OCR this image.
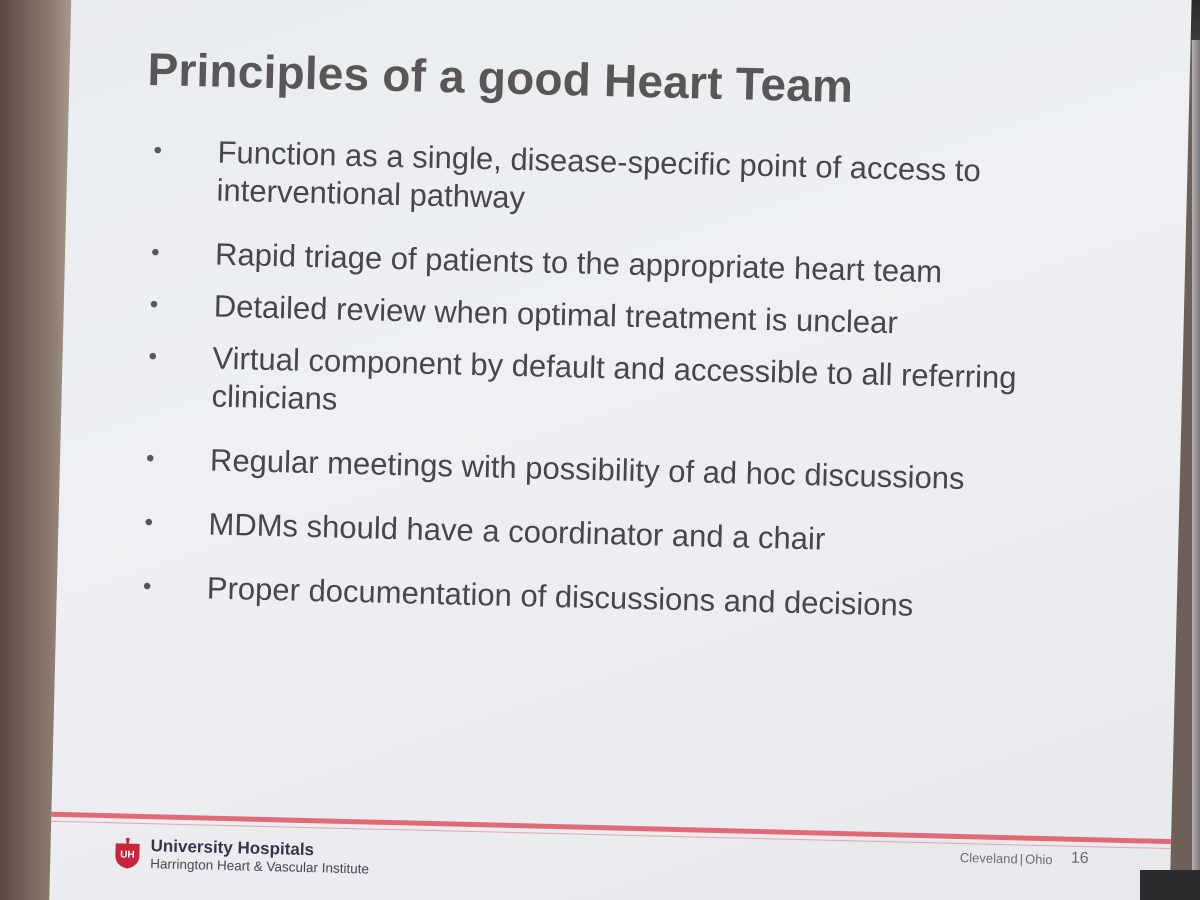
Principles of a good Heart Team
• Function as a single, disease-specific point of access to interventional pathway
• Rapid triage of patients to the appropriate heart team
• Detailed review when optimal treatment is unclear
• Virtual component by default and accessible to all referring clinicians
• Regular meetings with possibility of ad hoc discussions
• MDMs should have a coordinator and a chair
• Proper documentation of discussions and decisions
Cleveland | Ohio 16
UH University Hospitals
Harrington Heart & Vascular Institute
